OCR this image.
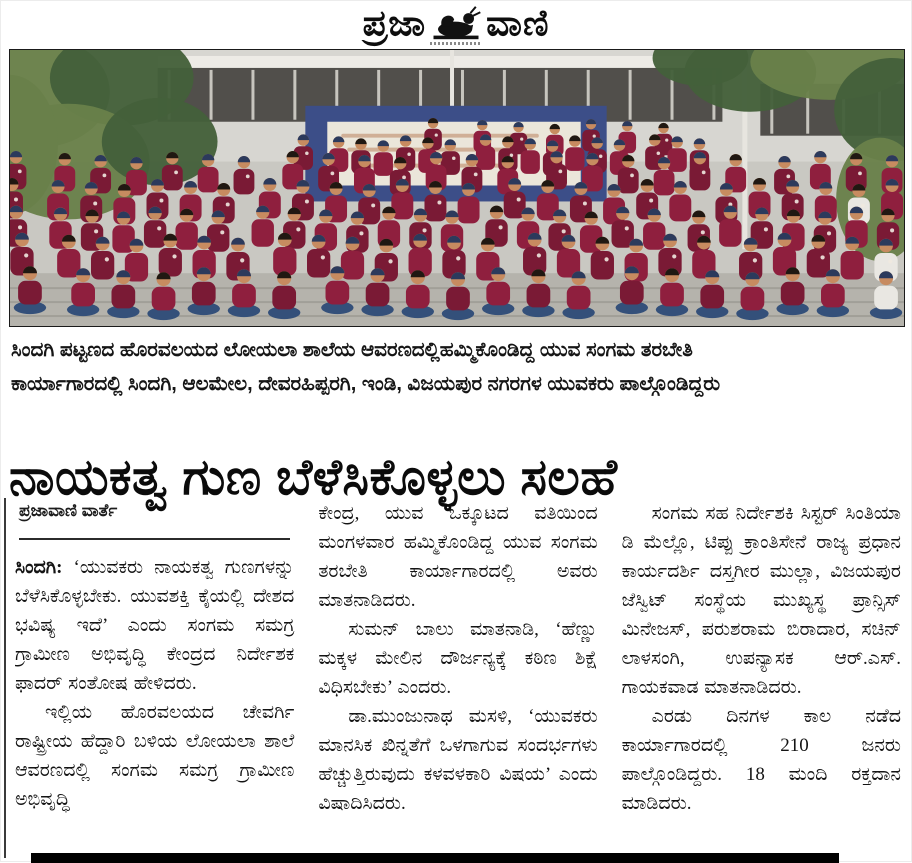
ಪ್ರಜಾ ವಾಣಿ
ಸಿಂದಗಿ ಪಟ್ಟಣದ ಹೊರವಲಯದ ಲೋಯಲಾ ಶಾಲೆಯ ಆವರಣದಲ್ಲಿಹಮ್ಮಿಕೊಂಡಿದ್ದ ಯುವ ಸಂಗಮ ತರಬೇತಿ
ಕಾರ್ಯಾಗಾರದಲ್ಲಿ ಸಿಂದಗಿ, ಆಲಮೇಲ, ದೇವರಹಿಪ್ಪರಗಿ, ಇಂಡಿ, ವಿಜಯಪುರ ನಗರಗಳ ಯುವಕರು ಪಾಲ್ಗೊಂಡಿದ್ದರು
ನಾಯಕತ್ವ ಗುಣ ಬೆಳೆಸಿಕೊಳ್ಳಲು ಸಲಹೆ
ಪ್ರಜಾವಾಣಿ ವಾರ್ತೆ

ಸಿಂದಗಿ: ‘ಯುವಕರು ನಾಯಕತ್ವ ಗುಣಗಳನ್ನು ಬೆಳೆಸಿಕೊಳ್ಳಬೇಕು. ಯುವಶಕ್ತಿ ಕೈಯಲ್ಲಿ ದೇಶದ ಭವಿಷ್ಯ ಇದೆ’ ಎಂದು ಸಂಗಮ ಸಮಗ್ರ ಗ್ರಾಮೀಣ ಅಭಿವೃದ್ಧಿ ಕೇಂದ್ರದ ನಿರ್ದೇಶಕ ಫಾದರ್ ಸಂತೋಷ ಹೇಳಿದರು.

ಇಲ್ಲಿಯ ಹೊರವಲಯದ ಚೇವರ್ಗಿ ರಾಷ್ಟ್ರೀಯ ಹೆದ್ದಾರಿ ಬಳಿಯ ಲೋಯಲಾ ಶಾಲೆ ಆವರಣದಲ್ಲಿ ಸಂಗಮ ಸಮಗ್ರ ಗ್ರಾಮೀಣ ಅಭಿವೃದ್ಧಿ

ಕೇಂದ್ರ, ಯುವ ಒಕ್ಕೂಟದ ವತಿಯಿಂದ ಮಂಗಳವಾರ ಹಮ್ಮಿಕೊಂಡಿದ್ದ ಯುವ ಸಂಗಮ ತರಬೇತಿ ಕಾರ್ಯಾಗಾರದಲ್ಲಿ ಅವರು ಮಾತನಾಡಿದರು.

ಸುಮನ್ ಬಾಲು ಮಾತನಾಡಿ, ‘ಹೆಣ್ಣು ಮಕ್ಕಳ ಮೇಲಿನ ದೌರ್ಜನ್ಯಕ್ಕೆ ಕಠಿಣ ಶಿಕ್ಷೆ ವಿಧಿಸಬೇಕು’ ಎಂದರು.

ಡಾ.ಮುಂಜುನಾಥ ಮಸಳಿ, ‘ಯುವಕರು ಮಾನಸಿಕ ಖಿನ್ನತೆಗೆ ಒಳಗಾಗುವ ಸಂದರ್ಭಗಳು ಹೆಚ್ಚುತ್ತಿರುವುದು ಕಳವಳಕಾರಿ ವಿಷಯ’ ಎಂದು ವಿಷಾದಿಸಿದರು.

ಸಂಗಮ ಸಹ ನಿರ್ದೇಶಕಿ ಸಿಸ್ಟರ್ ಸಿಂತಿಯಾ ಡಿ ಮೆಲ್ಲೊ, ಟಿಪ್ಪು ಕ್ರಾಂತಿಸೇನೆ ರಾಜ್ಯ ಪ್ರಧಾನ ಕಾರ್ಯದರ್ಶಿ ದಸ್ತಗೀರ ಮುಲ್ಲಾ, ವಿಜಯಪುರ ಜೆಸ್ವಿಟ್ ಸಂಸ್ಥೆಯ ಮುಖ್ಯಸ್ಥ ಪ್ರಾನ್ಸಿಸ್ ಮಿನೇಜಸ್, ಪರುಶರಾಮ ಬಿರಾದಾರ, ಸಚಿನ್ ಲಾಳಸಂಗಿ, ಉಪನ್ಯಾಸಕ ಆರ್.ಎಸ್. ಗಾಯಕವಾಡ ಮಾತನಾಡಿದರು.

ಎರಡು ದಿನಗಳ ಕಾಲ ನಡೆದ ಕಾರ್ಯಾಗಾರದಲ್ಲಿ 210 ಜನರು ಪಾಲ್ಗೊಂಡಿದ್ದರು. 18 ಮಂದಿ ರಕ್ತದಾನ ಮಾಡಿದರು.
